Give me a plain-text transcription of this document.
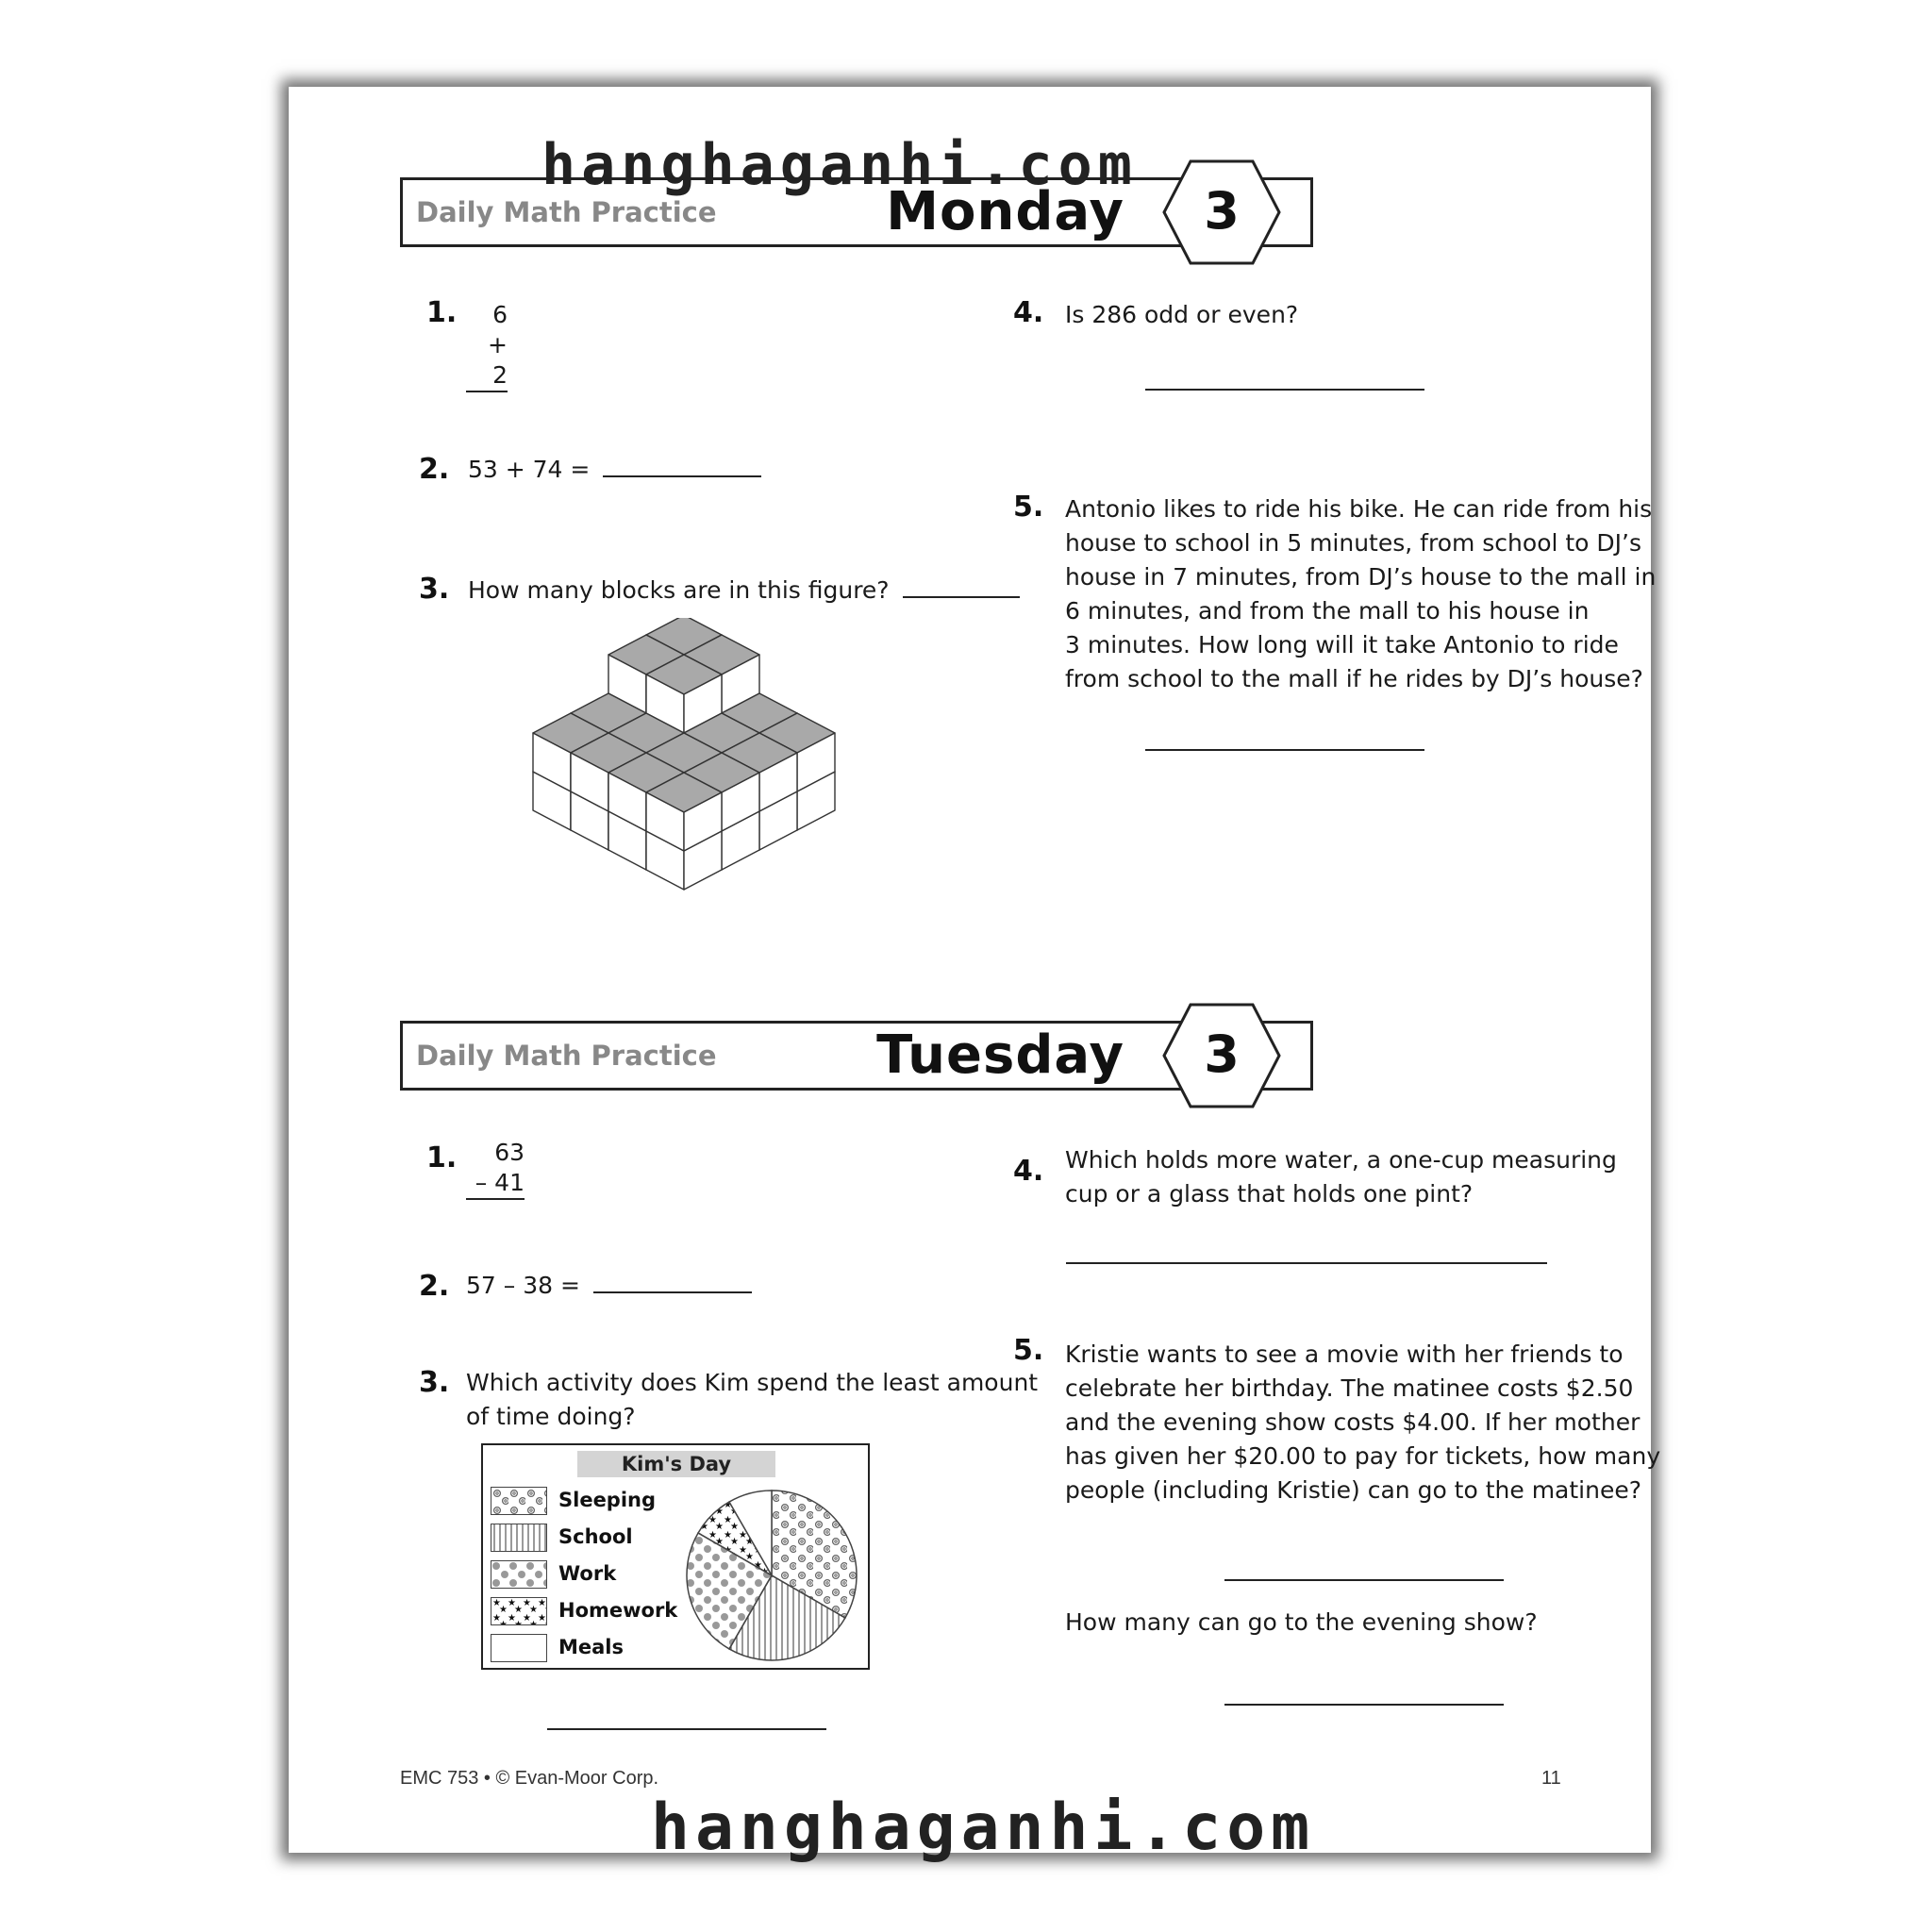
hanghaganhi.com
hanghaganhi.com
Daily Math Practice	Monday	3
1.	6
+ 2
2. 53 + 74 =
3. How many blocks are in this figure?
4. Is 286 odd or even?
5. Antonio likes to ride his bike. He can ride from his
house to school in 5 minutes, from school to DJ’s
house in 7 minutes, from DJ’s house to the mall in
6 minutes, and from the mall to his house in
3 minutes. How long will it take Antonio to ride
from school to the mall if he rides by DJ’s house?
Daily Math Practice	Tuesday	3
1.	63
– 41
2. 57 – 38 =
3. Which activity does Kim spend the least amount
of time doing?
Kim's Day
Sleeping
School
Work
Homework
Meals
4. Which holds more water, a one-cup measuring
cup or a glass that holds one pint?
5. Kristie wants to see a movie with her friends to
celebrate her birthday. The matinee costs $2.50
and the evening show costs $4.00. If her mother
has given her $20.00 to pay for tickets, how many
people (including Kristie) can go to the matinee?
How many can go to the evening show?
EMC 753 • © Evan-Moor Corp.	11
